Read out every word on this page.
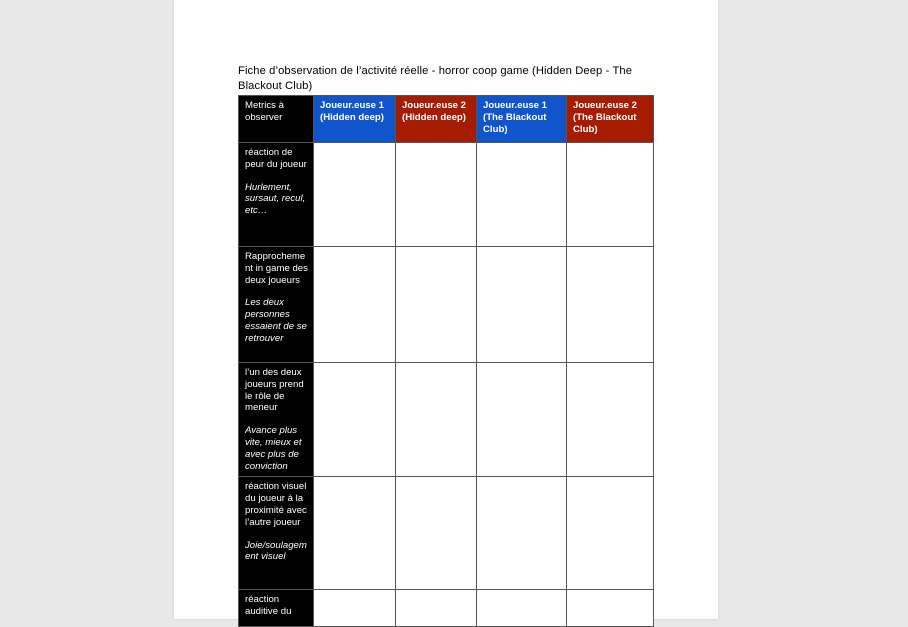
Fiche d’observation de l’activité réelle - horror coop game (Hidden Deep - The Blackout Club)
Metrics à observer	Joueur.euse 1 (Hidden deep)	Joueur.euse 2 (Hidden deep)	Joueur.euse 1 (The Blackout Club)	Joueur.euse 2 (The Blackout Club)

réaction de peur du joueur
Hurlement, sursaut, recul, etc…				

Rapprochement in game des deux joueurs
Les deux personnes essaient de se retrouver				

l’un des deux joueurs prend le rôle de meneur
Avance plus vite, mieux et avec plus de conviction				

réaction visuel du joueur à la proximité avec l’autre joueur
Joie/soulagement visuel				

réaction auditive du				
